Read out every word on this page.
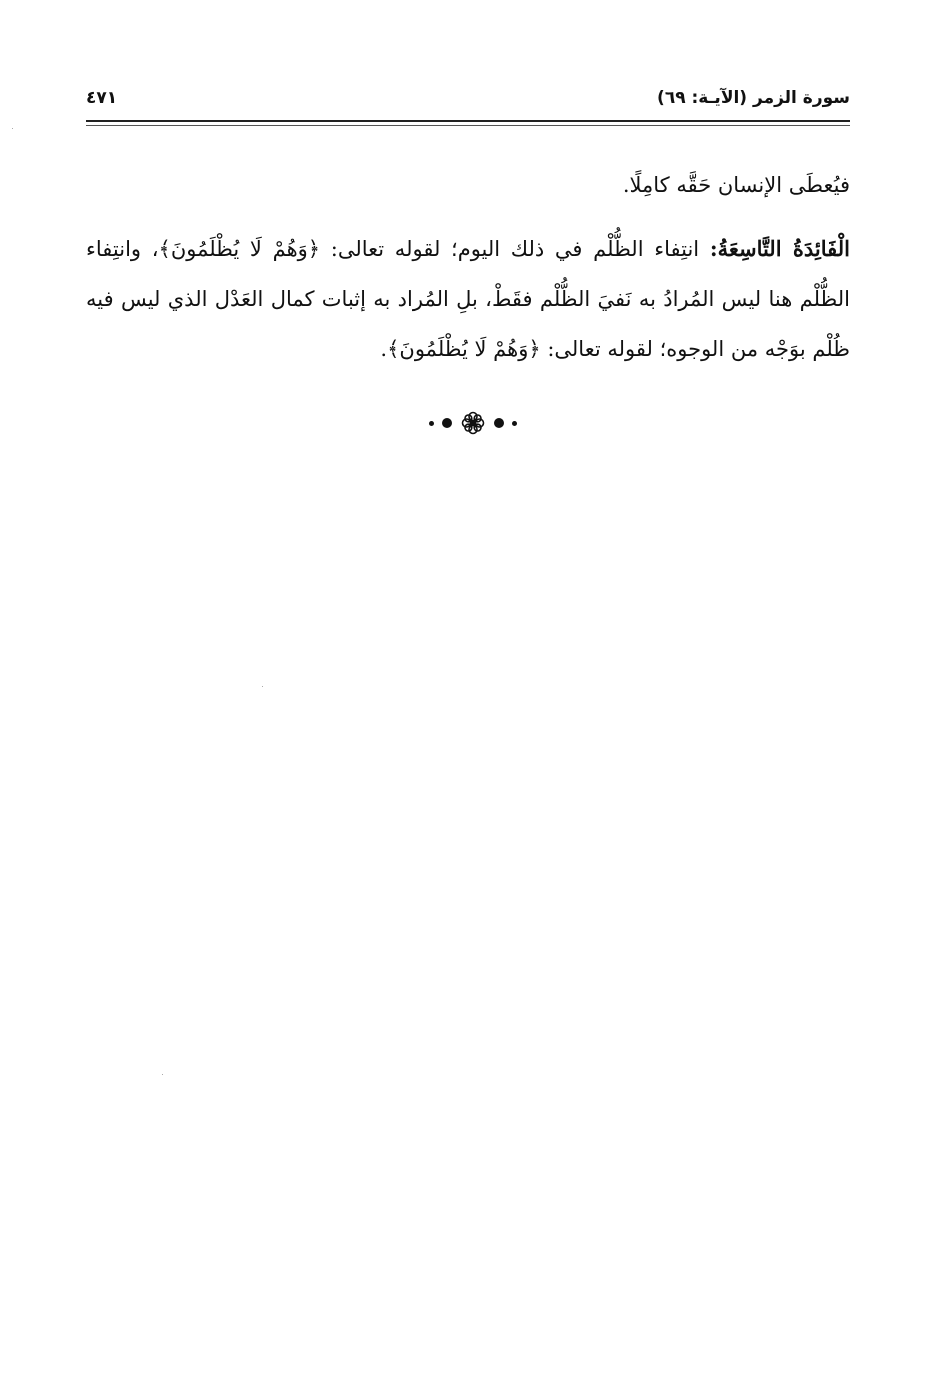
سورة الزمر (الآيـة: ٦٩)
٤٧١

فيُعطَى الإنسان حَقَّه كامِلًا.

الْفَائِدَةُ التَّاسِعَةُ: انتِفاء الظُّلْم في ذلك اليوم؛ لقوله تعالى: ﴿وَهُمْ لَا يُظْلَمُونَ﴾، وانتِفاء الظُّلْم هنا ليس المُرادُ به نَفيَ الظُّلْم فقَطْ، بلِ المُراد به إثبات كمال العَدْل الذي ليس فيه ظُلْم بوَجْه من الوجوه؛ لقوله تعالى: ﴿وَهُمْ لَا يُظْلَمُونَ﴾.
